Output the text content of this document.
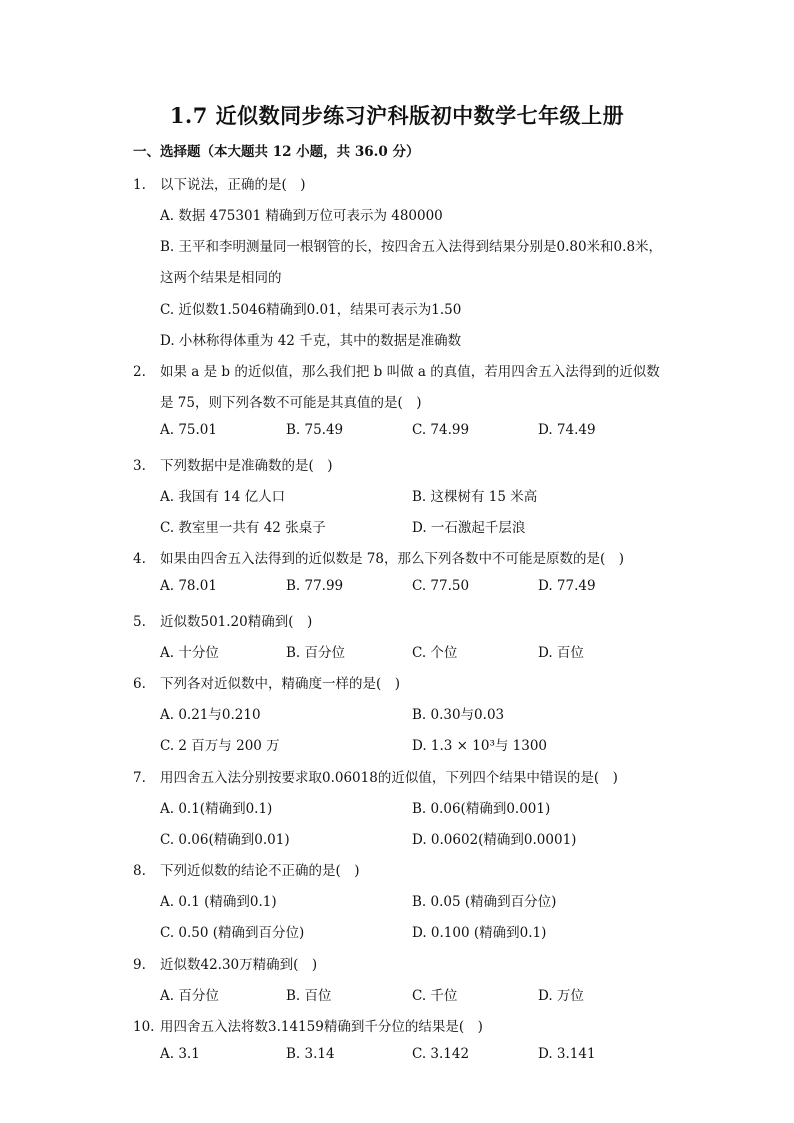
1.7 近似数同步练习沪科版初中数学七年级上册
一、选择题（本大题共 12 小题，共 36.0 分）
1. 以下说法，正确的是(　)
A. 数据 475301 精确到万位可表示为 480000
B. 王平和李明测量同一根钢管的长，按四舍五入法得到结果分别是0.80米和0.8米，
这两个结果是相同的
C. 近似数1.5046精确到0.01，结果可表示为1.50
D. 小林称得体重为 42 千克，其中的数据是准确数
2. 如果 a 是 b 的近似值，那么我们把 b 叫做 a 的真值，若用四舍五入法得到的近似数
是 75，则下列各数不可能是其真值的是(　)
A. 75.01	B. 75.49	C. 74.99	D. 74.49
3. 下列数据中是准确数的是(　)
A. 我国有 14 亿人口	B. 这棵树有 15 米高
C. 教室里一共有 42 张桌子	D. 一石激起千层浪
4. 如果由四舍五入法得到的近似数是 78，那么下列各数中不可能是原数的是(　)
A. 78.01	B. 77.99	C. 77.50	D. 77.49
5. 近似数501.20精确到(　)
A. 十分位	B. 百分位	C. 个位	D. 百位
6. 下列各对近似数中，精确度一样的是(　)
A. 0.21与0.210	B. 0.30与0.03
C. 2 百万与 200 万	D. 1.3 × 10³与 1300
7. 用四舍五入法分别按要求取0.06018的近似值，下列四个结果中错误的是(　)
A. 0.1(精确到0.1)	B. 0.06(精确到0.001)
C. 0.06(精确到0.01)	D. 0.0602(精确到0.0001)
8. 下列近似数的结论不正确的是(　)
A. 0.1 (精确到0.1)	B. 0.05 (精确到百分位)
C. 0.50 (精确到百分位)	D. 0.100 (精确到0.1)
9. 近似数42.30万精确到(　)
A. 百分位	B. 百位	C. 千位	D. 万位
10. 用四舍五入法将数3.14159精确到千分位的结果是(　)
A. 3.1	B. 3.14	C. 3.142	D. 3.141
